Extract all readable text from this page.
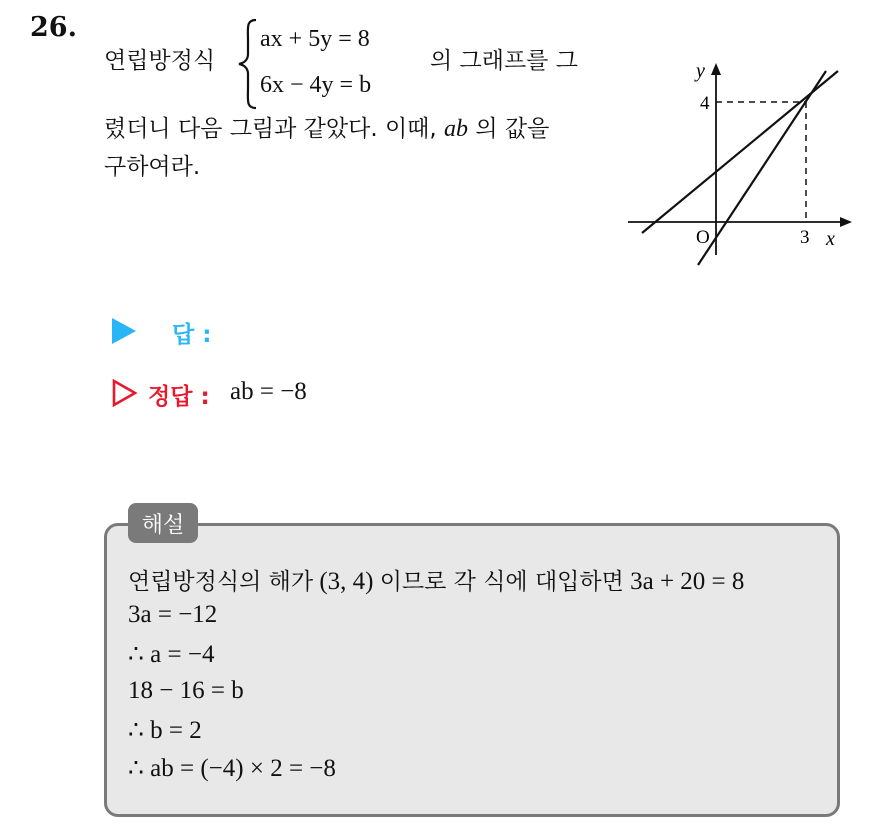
26.
연립방정식
ax + 5y = 8
6x − 4y = b
의 그래프를 그
렸더니 다음 그림과 같았다. 이때, ab 의 값을
구하여라.
y
4
O	3 x
답 :
정답 : ab = −8
해설
연립방정식의 해가 (3, 4) 이므로 각 식에 대입하면 3a + 20 = 8
3a = −12
∴ a = −4
18 − 16 = b
∴ b = 2
∴ ab = (−4) × 2 = −8
